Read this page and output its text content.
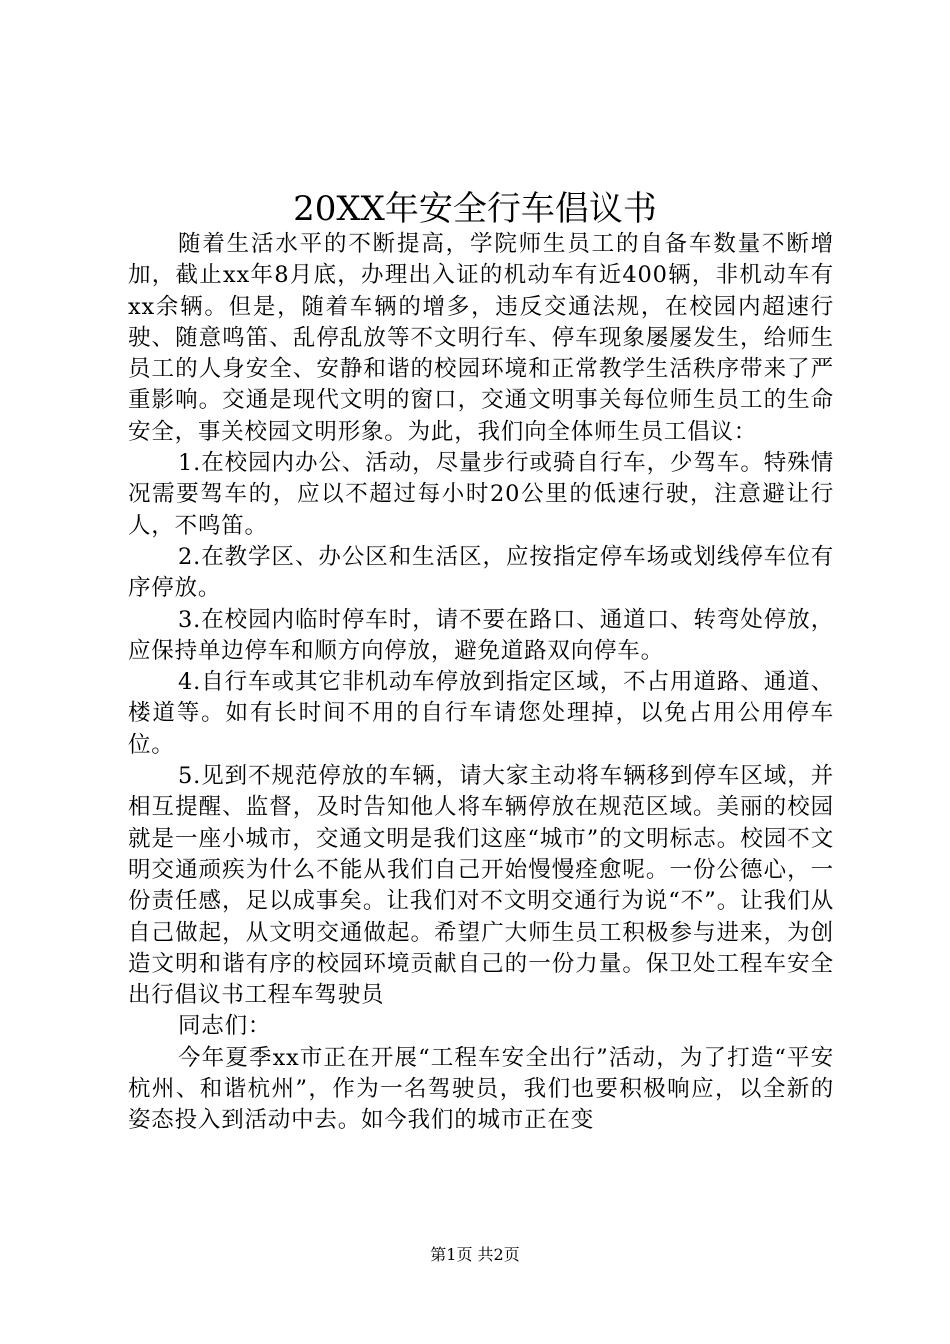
20XX年安全行车倡议书

随着生活水平的不断提高，学院师生员工的自备车数量不断增加，截止xx年8月底，办理出入证的机动车有近400辆，非机动车有xx余辆。但是，随着车辆的增多，违反交通法规，在校园内超速行驶、随意鸣笛、乱停乱放等不文明行车、停车现象屡屡发生，给师生员工的人身安全、安静和谐的校园环境和正常教学生活秩序带来了严重影响。交通是现代文明的窗口，交通文明事关每位师生员工的生命安全，事关校园文明形象。为此，我们向全体师生员工倡议：

1.在校园内办公、活动，尽量步行或骑自行车，少驾车。特殊情况需要驾车的，应以不超过每小时20公里的低速行驶，注意避让行人，不鸣笛。

2.在教学区、办公区和生活区，应按指定停车场或划线停车位有序停放。

3.在校园内临时停车时，请不要在路口、通道口、转弯处停放，应保持单边停车和顺方向停放，避免道路双向停车。

4.自行车或其它非机动车停放到指定区域，不占用道路、通道、楼道等。如有长时间不用的自行车请您处理掉，以免占用公用停车位。

5.见到不规范停放的车辆，请大家主动将车辆移到停车区域，并相互提醒、监督，及时告知他人将车辆停放在规范区域。美丽的校园就是一座小城市，交通文明是我们这座“城市”的文明标志。校园不文明交通顽疾为什么不能从我们自己开始慢慢痊愈呢。一份公德心，一份责任感，足以成事矣。让我们对不文明交通行为说“不”。让我们从自己做起，从文明交通做起。希望广大师生员工积极参与进来，为创造文明和谐有序的校园环境贡献自己的一份力量。保卫处工程车安全出行倡议书工程车驾驶员

同志们：

今年夏季xx市正在开展“工程车安全出行”活动，为了打造“平安杭州、和谐杭州”，作为一名驾驶员，我们也要积极响应，以全新的姿态投入到活动中去。如今我们的城市正在变

第1页 共2页
